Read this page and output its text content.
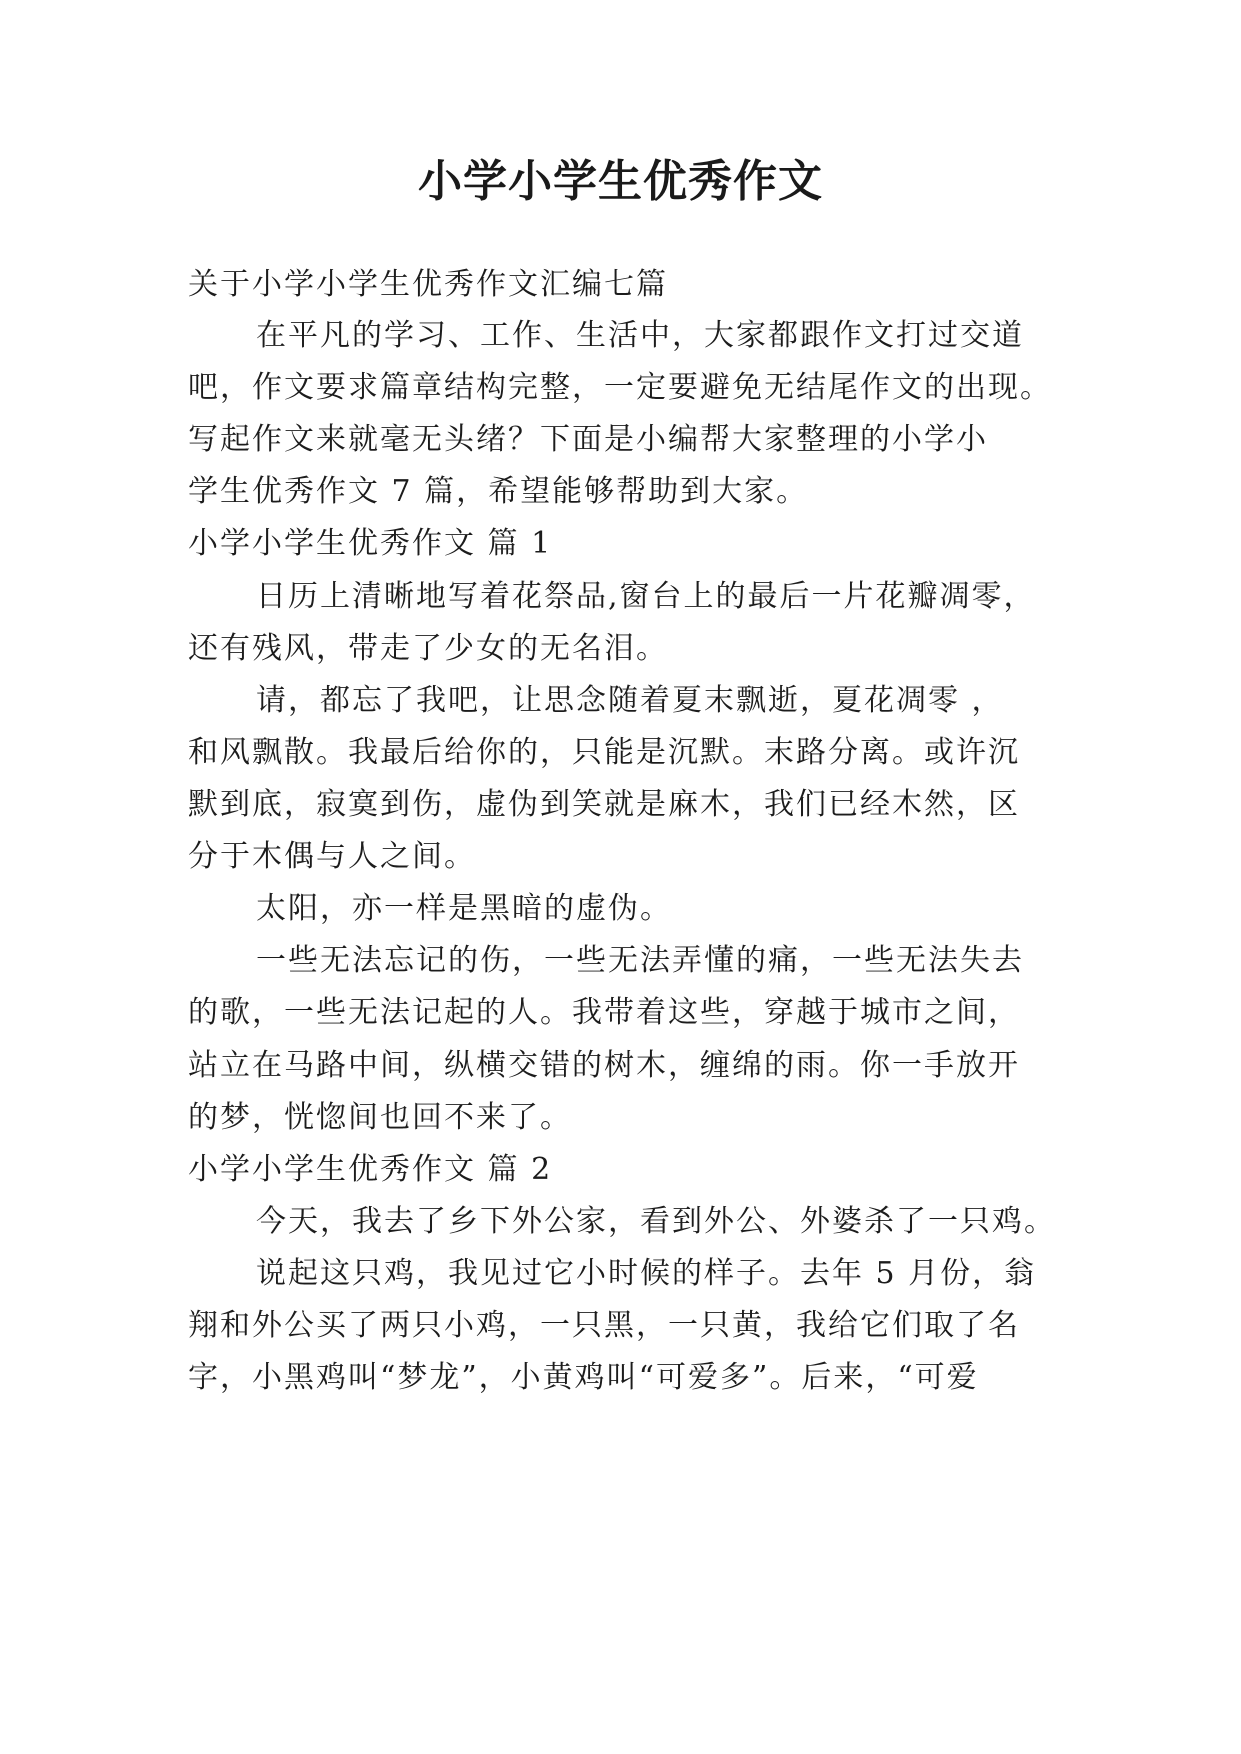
小学小学生优秀作文
关于小学小学生优秀作文汇编七篇
在平凡的学习、工作、生活中，大家都跟作文打过交道
吧，作文要求篇章结构完整，一定要避免无结尾作文的出现。
写起作文来就毫无头绪？下面是小编帮大家整理的小学小
学生优秀作文 7 篇，希望能够帮助到大家。
小学小学生优秀作文 篇 1
日历上清晰地写着花祭品,窗台上的最后一片花瓣凋零，
还有残风，带走了少女的无名泪。
请，都忘了我吧，让思念随着夏末飘逝，夏花凋零 ，
和风飘散。我最后给你的，只能是沉默。末路分离。或许沉
默到底，寂寞到伤，虚伪到笑就是麻木，我们已经木然，区
分于木偶与人之间。
太阳，亦一样是黑暗的虚伪。
一些无法忘记的伤，一些无法弄懂的痛，一些无法失去
的歌，一些无法记起的人。我带着这些，穿越于城市之间，
站立在马路中间，纵横交错的树木，缠绵的雨。你一手放开
的梦，恍惚间也回不来了。
小学小学生优秀作文 篇 2
今天，我去了乡下外公家，看到外公、外婆杀了一只鸡。
说起这只鸡，我见过它小时候的样子。去年 5 月份，翁
翔和外公买了两只小鸡，一只黑，一只黄，我给它们取了名
字，小黑鸡叫“梦龙”，小黄鸡叫“可爱多”。后来，“可爱
